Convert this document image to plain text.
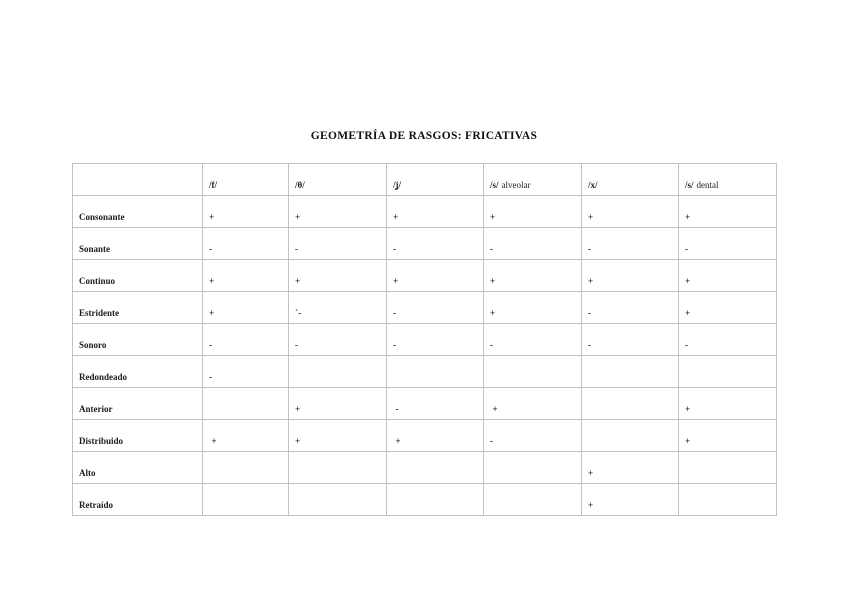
GEOMETRÍA DE RASGOS: FRICATIVAS
	/f/	/θ/	/ʝ/	/s/ alveolar	/x/	/s/ dental
Consonante	+	+	+	+	+	+
Sonante	-	-	-	-	-	-
Continuo	+	+	+	+	+	+
Estridente	+	´-	-	+	-	+
Sonoro	-	-	-	-	-	-
Redondeado	-					
Anterior		+	-	+		+
Distribuido	+	+	+	-		+
Alto					+	
Retraído					+	
